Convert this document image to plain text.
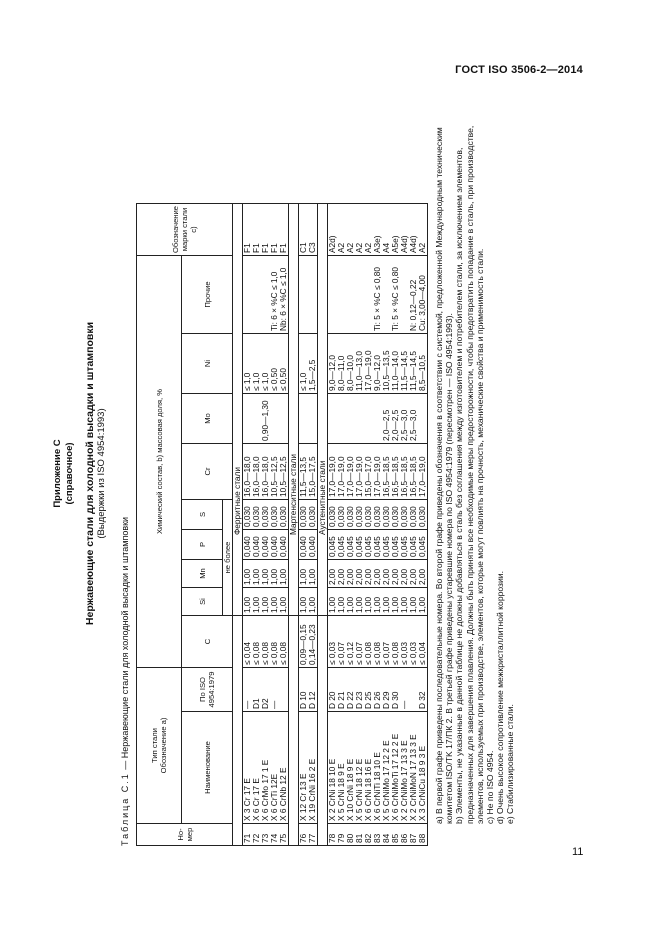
ГОСТ ISO 3506-2—2014
11
Приложение С (справочное) Нержавеющие стали для холодной высадки и штамповки (Выдержки из ISO 4954:1993)
Таблица С.1 — Нержавеющие стали для холодной высадки и штамповки
Но-мер	Тип стали
Обозначение a)		Химический состав, b) массовая доля, %									Обозначение марки стали c)
	Наименование	По ISO 4954:1979	C	Si	Mn	P	S	Cr	Mo	Ni	Прочие	
				не более								
				Ферритные стали								
71	X 3 Cr 17 E	—	≤ 0,04	1,00	1,00	0,040	0,030	16,0—18,0		≤ 1,0		F1
72	X 6 Cr 17 E	D1	≤ 0,08	1,00	1,00	0,040	0,030	16,0—18,0		≤ 1,0		F1
73	X 6 CrMo 17 1 E	D2	≤ 0,08	1,00	1,00	0,040	0,030	16,0—18,0	0,90—1,30	≤ 1,0		F1
74	X 6 CrTi 12E	—	≤ 0,08	1,00	1,00	0,040	0,030	10,5—12,5		≤ 0,50	Ti: 6 × %C ≤ 1,0	F1
75	X 6 CrNb 12 E		≤ 0,08	1,00	1,00	0,040	0,030	10,5—12,5		≤ 0,50	Nb: 6 × %C ≤ 1,0	F1
				Мартенситные стали								
76	X 12 Cr 13 E	D 10	0,09—0,15	1,00	1,00	0,040	0,030	11,5—13,5		≤ 1,0		C1
77	X 19 CrNi 16 2 E	D 12	0,14—0,23	1,00	1,00	0,040	0,030	15,0—17,5		1,5—2,5		C3
				Аустенитные стали								
78	X 2 CrNi 18 10 E	D 20	≤ 0,03	1,00	2,00	0,045	0,030	17,0—19,0		9,0—12,0		A2d)
79	X 5 CrNi 18 9 E	D 21	≤ 0,07	1,00	2,00	0,045	0,030	17,0—19,0		8,0—11,0		A2
80	X 10 CrNi 18 9 E	D 22	≤ 0,12	1,00	2,00	0,045	0,030	17,0—19,0		8,0—10,0		A2
81	X 5 CrNi 18 12 E	D 23	≤ 0,07	1,00	2,00	0,045	0,030	17,0—19,0		11,0—13,0		A2
82	X 6 CrNi 18 16 E	D 25	≤ 0,08	1,00	2,00	0,045	0,030	15,0—17,0		17,0—19,0		A2
83	X 6 CrNiTi 18 10 E	D 26	≤ 0,08	1,00	2,00	0,045	0,030	17,0—19,0		9,0—12,0	Ti: 5 × %C ≤ 0,80	A3e)
84	X 5 CrNiMo 17 12 2 E	D 29	≤ 0,07	1,00	2,00	0,045	0,030	16,5—18,5	2,0—2,5	10,5—13,5		A4
85	X 6 CrNiMoTi 17 12 2 E	D 30	≤ 0,08	1,00	2,00	0,045	0,030	16,5—18,5	2,0—2,5	11,0—14,0	Ti: 5 × %C ≤ 0,80	A5e)
86	X 2 CrNiMo 17 13 3 E	—	≤ 0,03	1,00	2,00	0,045	0,030	16,5—18,5	2,5—3,0	11,5—14,5		A4d)
87	X 2 CrNiMoN 17 13 3 E		≤ 0,03	1,00	2,00	0,045	0,030	16,5—18,5	2,5—3,0	11,5—14,5	N: 0,12—0,22	A4d)
88	X 3 CrNiCu 18 9 3 E	D 32	≤ 0,04	1,00	2,00	0,045	0,030	17,0—19,0		8,5—10,5	Cu: 3,00—4,00	A2 a) В первой графе приведены последовательные номера. Во второй графе приведены обозначения в соответствии с системой, предложенной Международным техническим комитетом ISO/TK 17/ПК 2. В третьей графе приведены устаревшие номера по ISO 4954:1979 (пересмотрен — ISO 4954:1993). b) Элементы, не указанные в данной таблице не должны добавляться в сталь без соглашения между изготовителем и потребителем стали, за исключением элементов, предназначенных для завершения плавления. Должны быть приняты все необходимые меры предосторожности, чтобы предотвратить попадание в сталь, при производстве, элементов, используемых при производстве, элементов, которые могут повлиять на прочность, механические свойства и применимость стали. c) Не по ISO 4954. d) Очень высокое сопротивление межкристаллитной коррозии. e) Стабилизированные стали.
